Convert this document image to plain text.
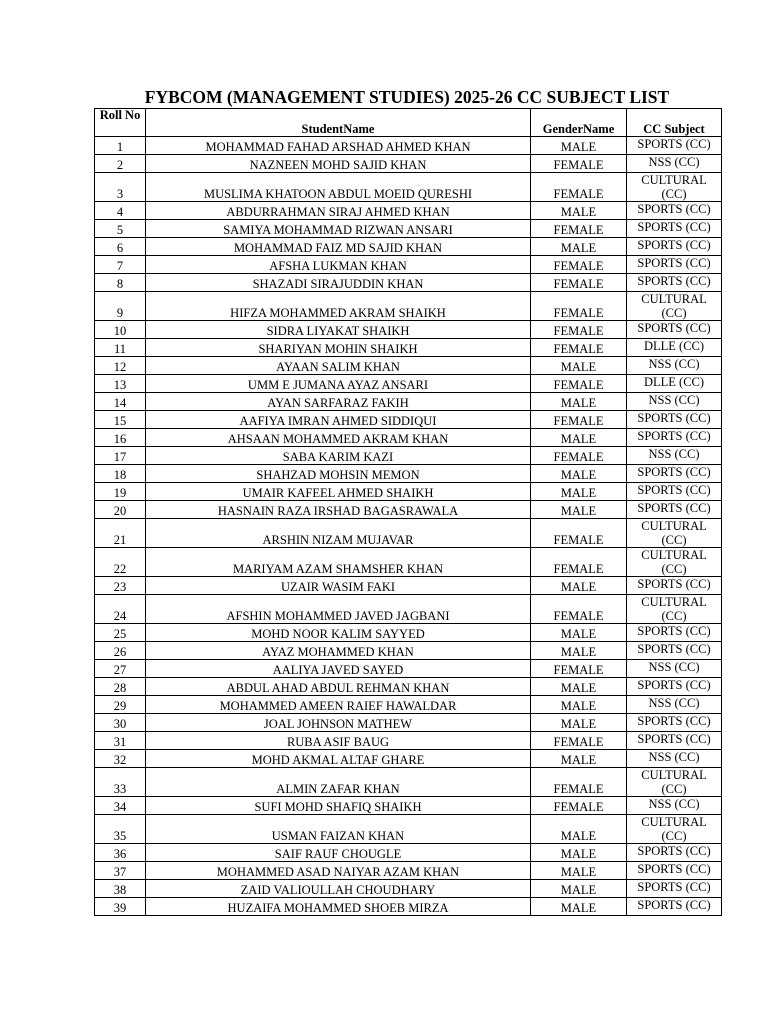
FYBCOM (MANAGEMENT STUDIES) 2025-26 CC SUBJECT LIST
Roll No	StudentName	GenderName	CC Subject
1	MOHAMMAD FAHAD ARSHAD AHMED KHAN	MALE	SPORTS (CC)
2	NAZNEEN MOHD SAJID KHAN	FEMALE	NSS (CC)
3	MUSLIMA KHATOON ABDUL MOEID QURESHI	FEMALE	CULTURAL (CC)
4	ABDURRAHMAN SIRAJ AHMED KHAN	MALE	SPORTS (CC)
5	SAMIYA MOHAMMAD RIZWAN ANSARI	FEMALE	SPORTS (CC)
6	MOHAMMAD FAIZ MD SAJID KHAN	MALE	SPORTS (CC)
7	AFSHA LUKMAN KHAN	FEMALE	SPORTS (CC)
8	SHAZADI SIRAJUDDIN KHAN	FEMALE	SPORTS (CC)
9	HIFZA MOHAMMED AKRAM SHAIKH	FEMALE	CULTURAL (CC)
10	SIDRA LIYAKAT SHAIKH	FEMALE	SPORTS (CC)
11	SHARIYAN MOHIN SHAIKH	FEMALE	DLLE (CC)
12	AYAAN SALIM KHAN	MALE	NSS (CC)
13	UMM E JUMANA AYAZ ANSARI	FEMALE	DLLE (CC)
14	AYAN SARFARAZ FAKIH	MALE	NSS (CC)
15	AAFIYA IMRAN AHMED SIDDIQUI	FEMALE	SPORTS (CC)
16	AHSAAN MOHAMMED AKRAM KHAN	MALE	SPORTS (CC)
17	SABA KARIM KAZI	FEMALE	NSS (CC)
18	SHAHZAD MOHSIN MEMON	MALE	SPORTS (CC)
19	UMAIR KAFEEL AHMED SHAIKH	MALE	SPORTS (CC)
20	HASNAIN RAZA IRSHAD BAGASRAWALA	MALE	SPORTS (CC)
21	ARSHIN NIZAM MUJAVAR	FEMALE	CULTURAL (CC)
22	MARIYAM AZAM SHAMSHER KHAN	FEMALE	CULTURAL (CC)
23	UZAIR WASIM FAKI	MALE	SPORTS (CC)
24	AFSHIN MOHAMMED JAVED JAGBANI	FEMALE	CULTURAL (CC)
25	MOHD NOOR KALIM SAYYED	MALE	SPORTS (CC)
26	AYAZ MOHAMMED KHAN	MALE	SPORTS (CC)
27	AALIYA JAVED SAYED	FEMALE	NSS (CC)
28	ABDUL AHAD ABDUL REHMAN KHAN	MALE	SPORTS (CC)
29	MOHAMMED AMEEN RAIEF HAWALDAR	MALE	NSS (CC)
30	JOAL JOHNSON MATHEW	MALE	SPORTS (CC)
31	RUBA ASIF BAUG	FEMALE	SPORTS (CC)
32	MOHD AKMAL ALTAF GHARE	MALE	NSS (CC)
33	ALMIN ZAFAR KHAN	FEMALE	CULTURAL (CC)
34	SUFI MOHD SHAFIQ SHAIKH	FEMALE	NSS (CC)
35	USMAN FAIZAN KHAN	MALE	CULTURAL (CC)
36	SAIF RAUF CHOUGLE	MALE	SPORTS (CC)
37	MOHAMMED ASAD NAIYAR AZAM KHAN	MALE	SPORTS (CC)
38	ZAID VALIOULLAH CHOUDHARY	MALE	SPORTS (CC)
39	HUZAIFA MOHAMMED SHOEB MIRZA	MALE	SPORTS (CC)
